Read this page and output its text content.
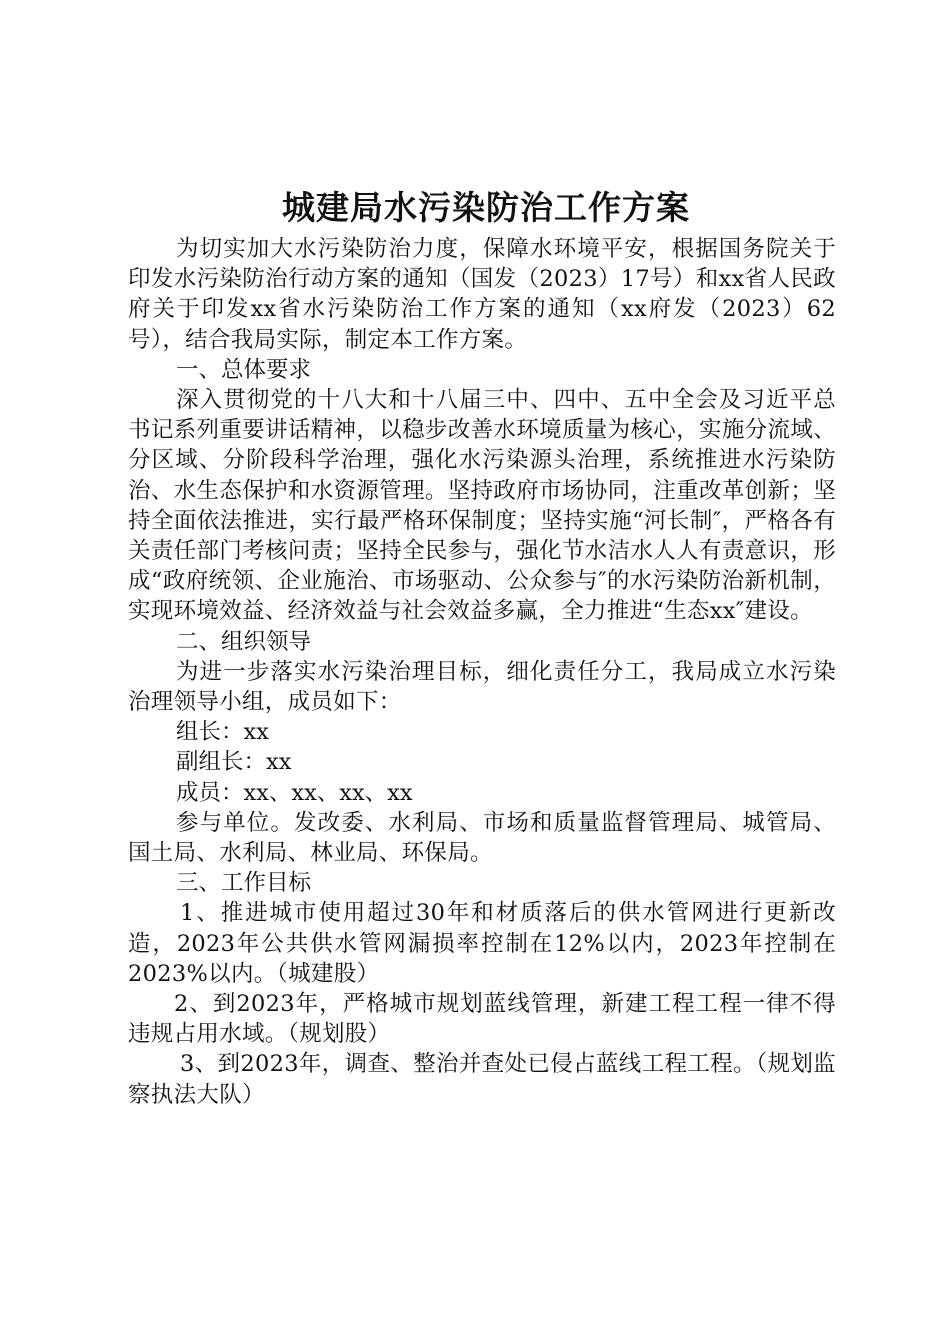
城建局水污染防治工作方案

为切实加大水污染防治力度，保障水环境平安，根据国务院关于印发水污染防治行动方案的通知（国发（2023）17号）和xx省人民政府关于印发xx省水污染防治工作方案的通知（xx府发（2023）62号），结合我局实际，制定本工作方案。

一、总体要求

深入贯彻党的十八大和十八届三中、四中、五中全会及习近平总书记系列重要讲话精神，以稳步改善水环境质量为核心，实施分流域、分区域、分阶段科学治理，强化水污染源头治理，系统推进水污染防治、水生态保护和水资源管理。坚持政府市场协同，注重改革创新；坚持全面依法推进，实行最严格环保制度；坚持实施“河长制″，严格各有关责任部门考核问责；坚持全民参与，强化节水洁水人人有责意识，形成“政府统领、企业施治、市场驱动、公众参与″的水污染防治新机制，实现环境效益、经济效益与社会效益多赢，全力推进“生态xx″建设。

二、组织领导

为进一步落实水污染治理目标，细化责任分工，我局成立水污染治理领导小组，成员如下：

组长：xx

副组长：xx

成员：xx、xx、xx、xx

参与单位。发改委、水利局、市场和质量监督管理局、城管局、国土局、水利局、林业局、环保局。

三、工作目标

1、推进城市使用超过30年和材质落后的供水管网进行更新改造，2023年公共供水管网漏损率控制在12%以内，2023年控制在2023%以内。（城建股）

2、到2023年，严格城市规划蓝线管理，新建工程工程一律不得违规占用水域。（规划股）

3、到2023年，调查、整治并查处已侵占蓝线工程工程。（规划监察执法大队）
